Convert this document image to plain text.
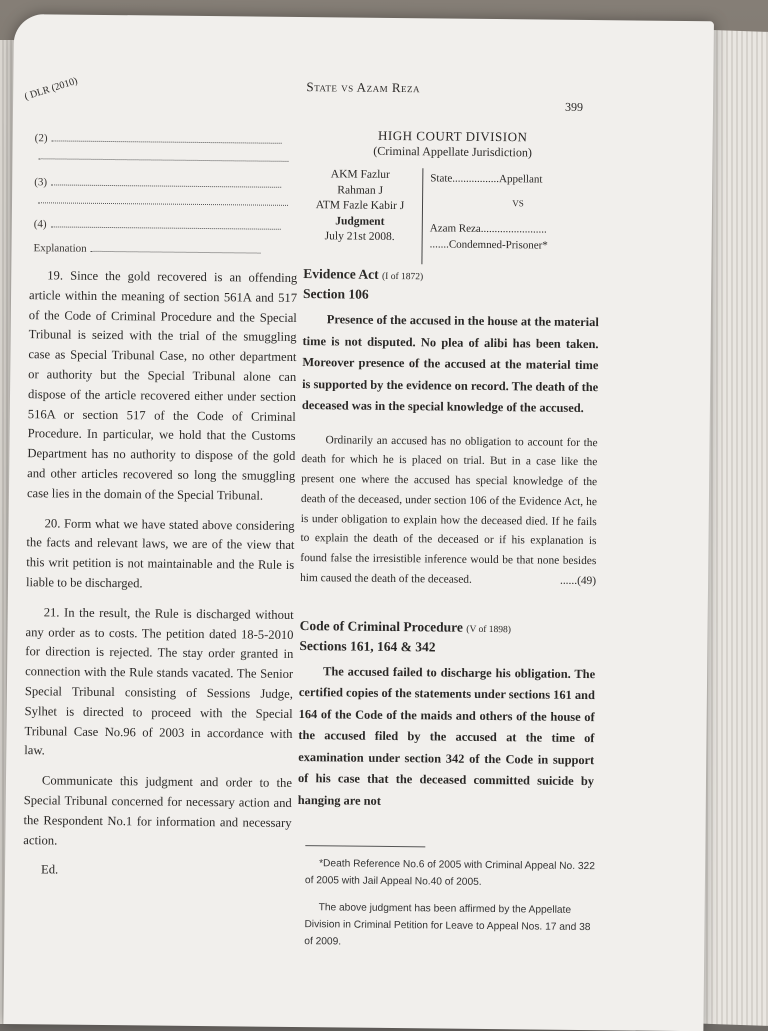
State vs Azam Reza
399
( DLR (2010)
(2)
(3)
(4)
Explanation

19. Since the gold recovered is an offending article within the meaning of section 561A and 517 of the Code of Criminal Procedure and the Special Tribunal is seized with the trial of the smuggling case as Special Tribunal Case, no other department or authority but the Special Tribunal alone can dispose of the article recovered either under section 516A or section 517 of the Code of Criminal Procedure. In particular, we hold that the Customs Department has no authority to dispose of the gold and other articles recovered so long the smuggling case lies in the domain of the Special Tribunal.

20. Form what we have stated above considering the facts and relevant laws, we are of the view that this writ petition is not maintainable and the Rule is liable to be discharged.

21. In the result, the Rule is discharged without any order as to costs. The petition dated 18-5-2010 for direction is rejected. The stay order granted in connection with the Rule stands vacated. The Senior Special Tribunal consisting of Sessions Judge, Sylhet is directed to proceed with the Special Tribunal Case No.96 of 2003 in accordance with law.

Communicate this judgment and order to the Special Tribunal concerned for necessary action and the Respondent No.1 for information and necessary action.

Ed.

HIGH COURT DIVISION
(Criminal Appellate Jurisdiction)
AKM Fazlur
Rahman J
ATM Fazle Kabir J
Judgment
July 21st 2008.
State.................Appellant
VS
Azam Reza........................
.......Condemned-Prisoner*
Evidence Act (I of 1872)
Section 106

Presence of the accused in the house at the material time is not disputed. No plea of alibi has been taken. Moreover presence of the accused at the material time is supported by the evidence on record. The death of the deceased was in the special knowledge of the accused.

Ordinarily an accused has no obligation to account for the death for which he is placed on trial. But in a case like the present one where the accused has special knowledge of the death of the deceased, under section 106 of the Evidence Act, he is under obligation to explain how the deceased died. If he fails to explain the death of the deceased or if his explanation is found false the irresistible inference would be that none besides him caused the death of the deceased.	......(49)

Code of Criminal Procedure (V of 1898)
Sections 161, 164 & 342

The accused failed to discharge his obligation. The certified copies of the statements under sections 161 and 164 of the Code of the maids and others of the house of the accused filed by the accused at the time of examination under section 342 of the Code in support of his case that the deceased committed suicide by hanging are not

*Death Reference No.6 of 2005 with Criminal Appeal No. 322 of 2005 with Jail Appeal No.40 of 2005.

The above judgment has been affirmed by the Appellate Division in Criminal Petition for Leave to Appeal Nos. 17 and 38 of 2009.
